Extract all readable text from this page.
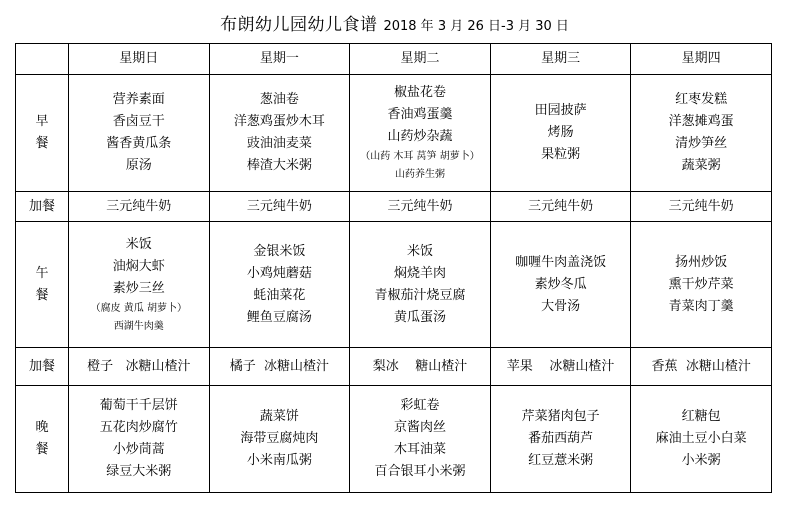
布朗幼儿园幼儿食谱 2018 年 3 月 26 日-3 月 30 日
	星期日	星期一	星期二	星期三	星期四

早
餐	营养素面
香卤豆干
酱香黄瓜条
原汤	葱油卷
洋葱鸡蛋炒木耳
豉油油麦菜
棒渣大米粥	椒盐花卷
香油鸡蛋羹
山药炒杂蔬
（山药 木耳 莴笋 胡萝卜）
山药养生粥	田园披萨
烤肠
果粒粥	红枣发糕
洋葱摊鸡蛋
清炒笋丝
蔬菜粥

加餐	三元纯牛奶	三元纯牛奶	三元纯牛奶	三元纯牛奶	三元纯牛奶

午
餐	米饭
油焖大虾
素炒三丝
（腐皮 黄瓜 胡萝卜）
西湖牛肉羹	金银米饭
小鸡炖蘑菇
蚝油菜花
鲤鱼豆腐汤	米饭
焖烧羊肉
青椒茄汁烧豆腐
黄瓜蛋汤	咖喱牛肉盖浇饭
素炒冬瓜
大骨汤	扬州炒饭
熏干炒芹菜
青菜肉丁羹

加餐	橙子 冰糖山楂汁	橘子 冰糖山楂汁	梨冰 糖山楂汁	苹果 冰糖山楂汁	香蕉 冰糖山楂汁

晚
餐	葡萄干千层饼
五花肉炒腐竹
小炒茼蒿
绿豆大米粥	蔬菜饼
海带豆腐炖肉
小米南瓜粥	彩虹卷
京酱肉丝
木耳油菜
百合银耳小米粥	芹菜猪肉包子
番茄西葫芦
红豆薏米粥	红糖包
麻油土豆小白菜
小米粥
